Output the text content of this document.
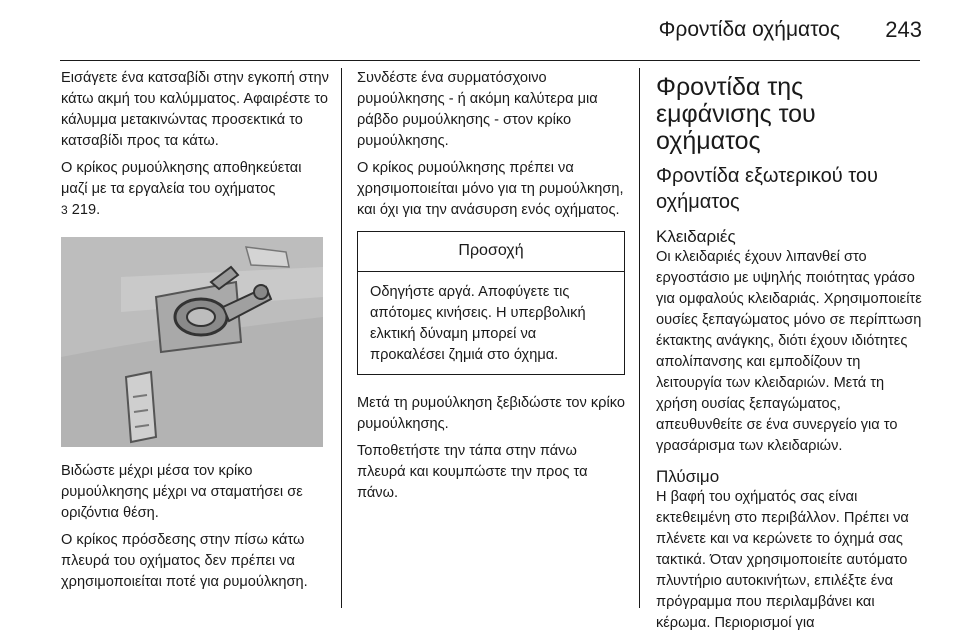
Φροντίδα οχήματος 243

Εισάγετε ένα κατσαβίδι στην εγκοπή στην κάτω ακμή του καλύμματος. Αφαιρέστε το κάλυμμα μετακινώντας προσεκτικά το κατσαβίδι προς τα κάτω.

Ο κρίκος ρυμούλκησης αποθηκεύεται μαζί με τα εργαλεία του οχήματος
3 219.

Βιδώστε μέχρι μέσα τον κρίκο ρυμούλκησης μέχρι να σταματήσει σε οριζόντια θέση.

Ο κρίκος πρόσδεσης στην πίσω κάτω πλευρά του οχήματος δεν πρέπει να χρησιμοποιείται ποτέ για ρυμούλκηση.

Συνδέστε ένα συρματόσχοινο ρυμούλκησης - ή ακόμη καλύτερα μια ράβδο ρυμούλκησης - στον κρίκο ρυμούλκησης.

Ο κρίκος ρυμούλκησης πρέπει να χρησιμοποιείται μόνο για τη ρυμούλκηση, και όχι για την ανάσυρση ενός οχήματος.

Προσοχή
Οδηγήστε αργά. Αποφύγετε τις απότομες κινήσεις. Η υπερβολική ελκτική δύναμη μπορεί να προκαλέσει ζημιά στο όχημα.

Μετά τη ρυμούλκηση ξεβιδώστε τον κρίκο ρυμούλκησης.

Τοποθετήστε την τάπα στην πάνω πλευρά και κουμπώστε την προς τα πάνω.

Φροντίδα της εμφάνισης του οχήματος
Φροντίδα εξωτερικού του οχήματος
Κλειδαριές

Οι κλειδαριές έχουν λιπανθεί στο εργοστάσιο με υψηλής ποιότητας γράσο για ομφαλούς κλειδαριάς. Χρησιμοποιείτε ουσίες ξεπαγώματος μόνο σε περίπτωση έκτακτης ανάγκης, διότι έχουν ιδιότητες απολίπανσης και εμποδίζουν τη λειτουργία των κλειδαριών. Μετά τη χρήση ουσίας ξεπαγώματος, απευθυνθείτε σε ένα συνεργείο για το γρασάρισμα των κλειδαριών.

Πλύσιμο

Η βαφή του οχήματός σας είναι εκτεθειμένη στο περιβάλλον. Πρέπει να πλένετε και να κερώνετε το όχημά σας τακτικά. Όταν χρησιμοποιείτε αυτόματο πλυντήριο αυτοκινήτων, επιλέξτε ένα πρόγραμμα που περιλαμβάνει και κέρωμα. Περιορισμοί για
